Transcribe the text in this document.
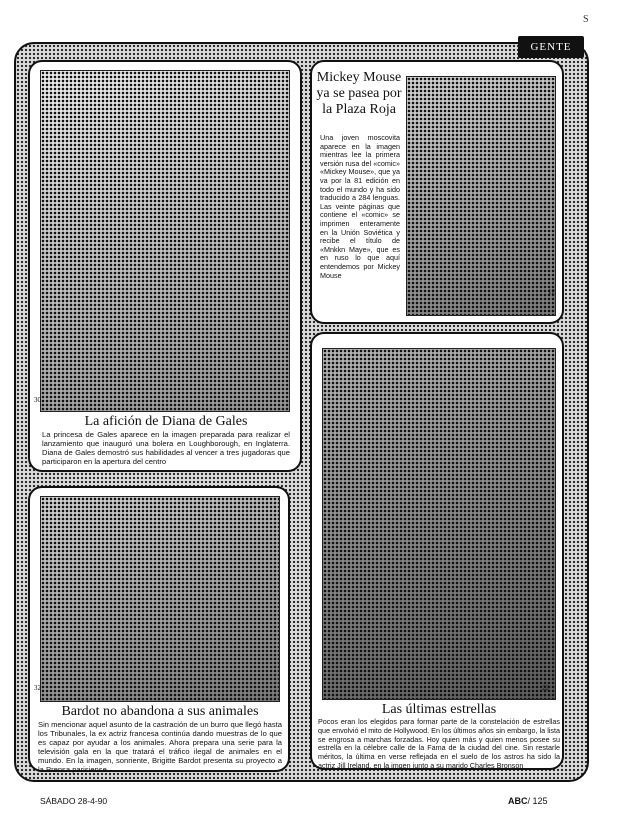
S
GENTE
30
La afición de Diana de Gales
La princesa de Gales aparece en la imagen preparada para realizar el lanzamiento que inauguró una bolera en Loughborough, en Inglaterra. Diana de Gales demostró sus habilidades al vencer a tres jugadoras que participaron en la apertura del centro
Mickey Mouse ya se pasea por la Plaza Roja
Una joven moscovita aparece en la imagen mientras lee la primera versión rusa del «comic» «Mickey Mouse», que ya va por la 81 edición en todo el mundo y ha sido traducido a 284 lenguas. Las veinte páginas que contiene el «comic» se imprimen enteramente en la Unión Soviética y recibe el título de «Mnkkn Maye», que es en ruso lo que aquí entendemos por Mickey Mouse
12
32
Bardot no abandona a sus animales
Sin mencionar aquel asunto de la castración de un burro que llegó hasta los Tribunales, la ex actriz francesa continúa dando muestras de lo que es capaz por ayudar a los animales. Ahora prepara una serie para la televisión gala en la que tratará el tráfico ilegal de animales en el mundo. En la imagen, sonriente, Brigitte Bardot presenta su proyecto a la Prensa parisiense
22
Las últimas estrellas
Pocos eran los elegidos para formar parte de la constelación de estrellas que envolvió el mito de Hollywood. En los últimos años sin embargo, la lista se engrosa a marchas forzadas. Hoy quien más y quien menos posee su estrella en la célebre calle de la Fama de la ciudad del cine. Sin restarle méritos, la última en verse reflejada en el suelo de los astros ha sido la actriz Jill Ireland, en la imgen junto a su marido Charles Bronson
SÁBADO 28-4-90	ABC/ 125
